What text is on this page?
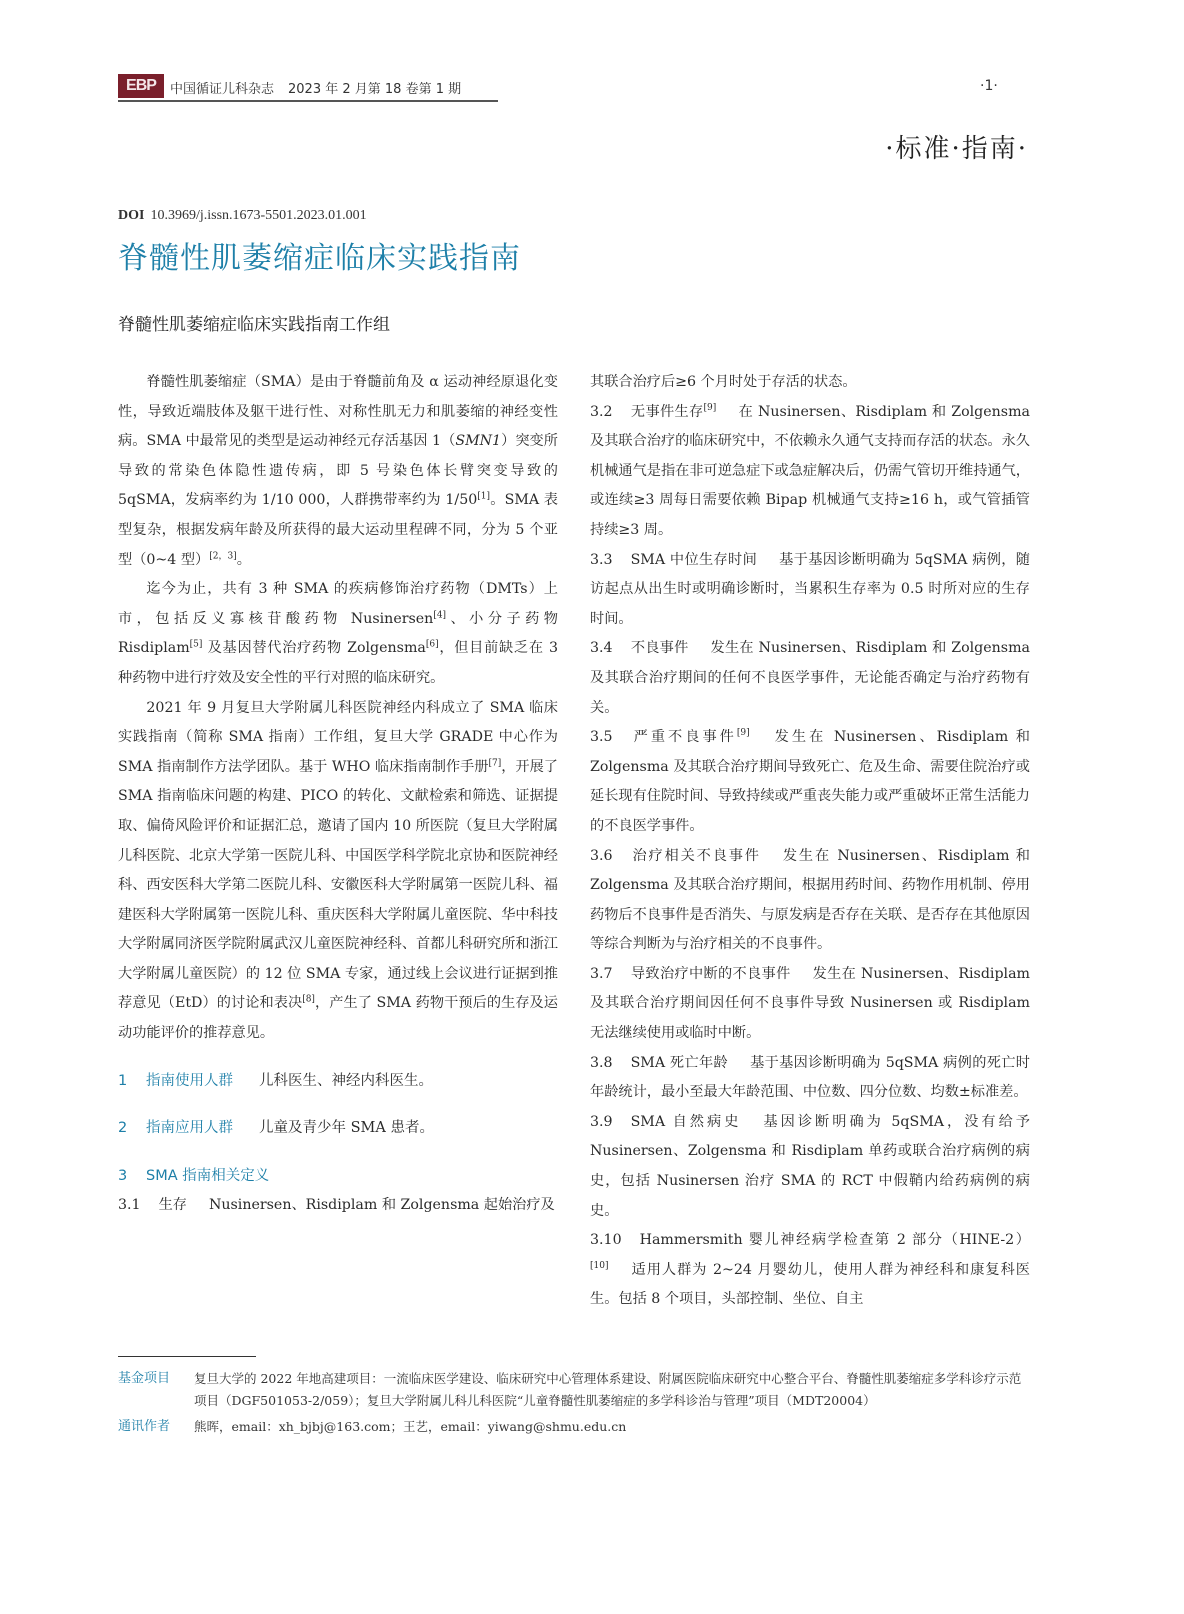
EBP	中国循证儿科杂志 2023 年 2 月第 18 卷第 1 期	·1·
·标准·指南·
DOI 10.3969/j.issn.1673-5501.2023.01.001
脊髓性肌萎缩症临床实践指南
脊髓性肌萎缩症临床实践指南工作组

脊髓性肌萎缩症（SMA）是由于脊髓前角及 α 运动神经原退化变性，导致近端肢体及躯干进行性、对称性肌无力和肌萎缩的神经变性病。SMA 中最常见的类型是运动神经元存活基因 1（SMN1）突变所导致的常染色体隐性遗传病，即 5 号染色体长臂突变导致的 5qSMA，发病率约为 1/10 000，人群携带率约为 1/50[1]。SMA 表型复杂，根据发病年龄及所获得的最大运动里程碑不同，分为 5 个亚型（0~4 型）[2，3]。

迄今为止，共有 3 种 SMA 的疾病修饰治疗药物（DMTs）上市，包括反义寡核苷酸药物 Nusinersen[4]、小分子药物 Risdiplam[5] 及基因替代治疗药物 Zolgensma[6]，但目前缺乏在 3 种药物中进行疗效及安全性的平行对照的临床研究。

2021 年 9 月复旦大学附属儿科医院神经内科成立了 SMA 临床实践指南（简称 SMA 指南）工作组，复旦大学 GRADE 中心作为 SMA 指南制作方法学团队。基于 WHO 临床指南制作手册[7]，开展了 SMA 指南临床问题的构建、PICO 的转化、文献检索和筛选、证据提取、偏倚风险评价和证据汇总，邀请了国内 10 所医院（复旦大学附属儿科医院、北京大学第一医院儿科、中国医学科学院北京协和医院神经科、西安医科大学第二医院儿科、安徽医科大学附属第一医院儿科、福建医科大学附属第一医院儿科、重庆医科大学附属儿童医院、华中科技大学附属同济医学院附属武汉儿童医院神经科、首都儿科研究所和浙江大学附属儿童医院）的 12 位 SMA 专家，通过线上会议进行证据到推荐意见（EtD）的讨论和表决[8]，产生了 SMA 药物干预后的生存及运动功能评价的推荐意见。

1 指南使用人群 儿科医生、神经内科医生。

2 指南应用人群 儿童及青少年 SMA 患者。

3 SMA 指南相关定义

3.1 生存 Nusinersen、Risdiplam 和 Zolgensma 起始治疗及

其联合治疗后≥6 个月时处于存活的状态。

3.2 无事件生存[9] 在 Nusinersen、Risdiplam 和 Zolgensma 及其联合治疗的临床研究中，不依赖永久通气支持而存活的状态。永久机械通气是指在非可逆急症下或急症解决后，仍需气管切开维持通气，或连续≥3 周每日需要依赖 Bipap 机械通气支持≥16 h，或气管插管持续≥3 周。

3.3 SMA 中位生存时间 基于基因诊断明确为 5qSMA 病例，随访起点从出生时或明确诊断时，当累积生存率为 0.5 时所对应的生存时间。

3.4 不良事件 发生在 Nusinersen、Risdiplam 和 Zolgensma 及其联合治疗期间的任何不良医学事件，无论能否确定与治疗药物有关。

3.5 严重不良事件[9] 发生在 Nusinersen、Risdiplam 和 Zolgensma 及其联合治疗期间导致死亡、危及生命、需要住院治疗或延长现有住院时间、导致持续或严重丧失能力或严重破坏正常生活能力的不良医学事件。

3.6 治疗相关不良事件 发生在 Nusinersen、Risdiplam 和 Zolgensma 及其联合治疗期间，根据用药时间、药物作用机制、停用药物后不良事件是否消失、与原发病是否存在关联、是否存在其他原因等综合判断为与治疗相关的不良事件。

3.7 导致治疗中断的不良事件 发生在 Nusinersen、Risdiplam 及其联合治疗期间因任何不良事件导致 Nusinersen 或 Risdiplam 无法继续使用或临时中断。

3.8 SMA 死亡年龄 基于基因诊断明确为 5qSMA 病例的死亡时年龄统计，最小至最大年龄范围、中位数、四分位数、均数±标准差。

3.9 SMA 自然病史 基因诊断明确为 5qSMA，没有给予 Nusinersen、Zolgensma 和 Risdiplam 单药或联合治疗病例的病史，包括 Nusinersen 治疗 SMA 的 RCT 中假鞘内给药病例的病史。

3.10 Hammersmith 婴儿神经病学检查第 2 部分（HINE-2）[10] 适用人群为 2~24 月婴幼儿，使用人群为神经科和康复科医生。包括 8 个项目，头部控制、坐位、自主

基金项目	复旦大学的 2022 年地高建项目：一流临床医学建设、临床研究中心管理体系建设、附属医院临床研究中心整合平台、脊髓性肌萎缩症多学科诊疗示范项目（DGF501053-2/059）；复旦大学附属儿科儿科医院“儿童脊髓性肌萎缩症的多学科诊治与管理”项目（MDT20004）
通讯作者	熊晖，email：xh_bjbj@163.com；王艺，email：yiwang@shmu.edu.cn
